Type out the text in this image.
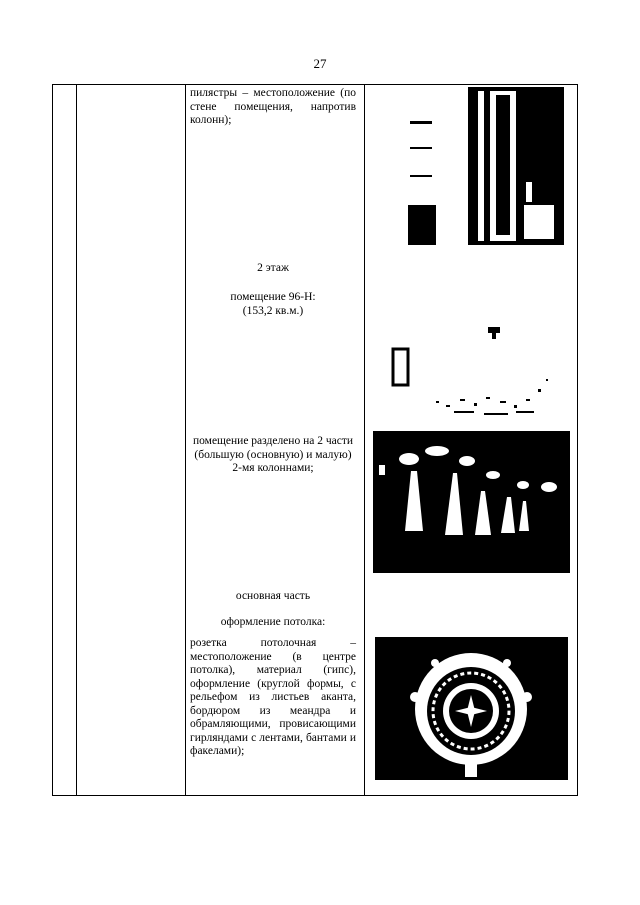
27
пилястры – местоположение (по
стене помещения, напротив
колонн);
2 этаж
помещение 96-Н:
(153,2 кв.м.)
помещение разделено на 2 части
(большую (основную) и малую)
2-мя колоннами;
основная часть
оформление потолка:
розетка потолочная –
местоположение (в центре
потолка), материал (гипс),
оформление (круглой формы, с
рельефом из листьев аканта,
бордюром из меандра и
обрамляющими, провисающими
гирляндами с лентами, бантами и
факелами);
